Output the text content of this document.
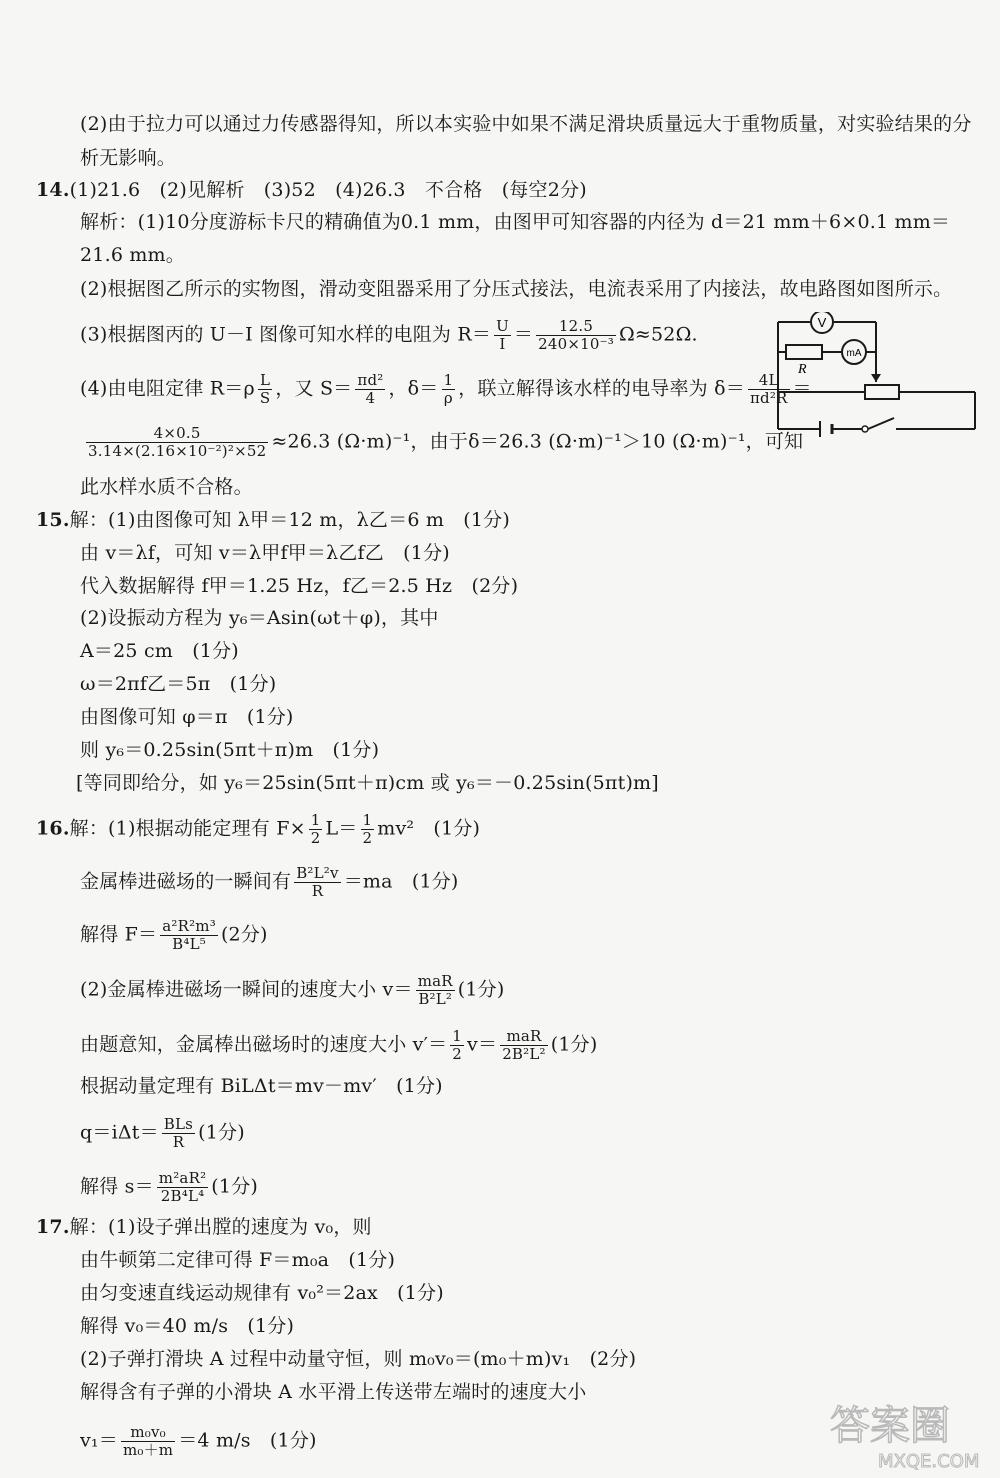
(2)由于拉力可以通过力传感器得知，所以本实验中如果不满足滑块质量远大于重物质量，对实验结果的分
析无影响。
14.(1)21.6　(2)见解析　(3)52　(4)26.3　不合格　(每空2分)
解析：(1)10分度游标卡尺的精确值为0.1 mm，由图甲可知容器的内径为 d＝21 mm＋6×0.1 mm＝
21.6 mm。
(2)根据图乙所示的实物图，滑动变阻器采用了分压式接法，电流表采用了内接法，故电路图如图所示。
(3)根据图丙的 U－I 图像可知水样的电阻为 $R= \frac{U}{I} = \frac{12.5}{\text{240×10⁻³}} \Omega\approx 52\Omega$.
(4)由电阻定律 $R=\rho \frac{L}{S}$ ，又 $S= \frac{\text{πd²}}{4}$ ，$\delta= \frac{1}{\rho}$ ，联立解得该水样的电导率为 $\delta= \frac{4L}{\text{πd²R}}$ ＝
$\frac{4\times 0.5}{\text{3.14×(2.16×10⁻²)²×52}} \approx 26.3$ (Ω·m)⁻¹，由于δ＝26.3 (Ω·m)⁻¹＞10 (Ω·m)⁻¹，可知
此水样水质不合格。
15.解：(1)由图像可知 λ甲＝12 m，λ乙＝6 m　(1分)
由 v＝λf，可知 v＝λ甲f甲＝λ乙f乙　(1分)
代入数据解得 f甲＝1.25 Hz，f乙＝2.5 Hz　(2分)
(2)设振动方程为 y₆＝Asin(ωt＋φ)，其中
A＝25 cm　(1分)
ω＝2πf乙＝5π　(1分)
由图像可知 φ＝π　(1分)
则 y₆＝0.25sin(5πt＋π)m　(1分)
[等同即给分，如 y₆＝25sin(5πt＋π)cm 或 y₆＝－0.25sin(5πt)m]
16.解：(1)根据动能定理有 $F\times \frac{1}{2} L= \frac{1}{2} mv^2$　(1分)
金属棒进磁场的一瞬间有 $\frac{\text{B²L²v}}{R} =ma$　(1分)
解得 $F= \frac{\text{a²R²m³}}{\text{B⁴L⁵}} (2$分)
(2)金属棒进磁场一瞬间的速度大小 $v= \frac{\text{maR}}{\text{B²L²}} (1$分)
由题意知，金属棒出磁场时的速度大小 $v'= \frac{1}{2} v= \frac{\text{maR}}{\text{2B²L²}} (1$分)
根据动量定理有 BiLΔt＝mv－mv′　(1分)
$q=i\Delta t= \frac{\text{BLs}}{R} (1$分)
解得 $s= \frac{\text{m²aR²}}{\text{2B⁴L⁴}} (1$分)
17.解：(1)设子弹出膛的速度为 v₀，则
由牛顿第二定律可得 F＝m₀a　(1分)
由匀变速直线运动规律有 v₀²＝2ax　(1分)
解得 v₀＝40 m/s　(1分)
(2)子弹打滑块 A 过程中动量守恒，则 m₀v₀＝(m₀＋m)v₁　(2分)
解得含有子弹的小滑块 A 水平滑上传送带左端时的速度大小
$v_1= \frac{\text{m₀v₀}}{\text{m₀＋m}} =4$ m/s　(1分)
V
mA
R
答案圈
MXQE.COM
